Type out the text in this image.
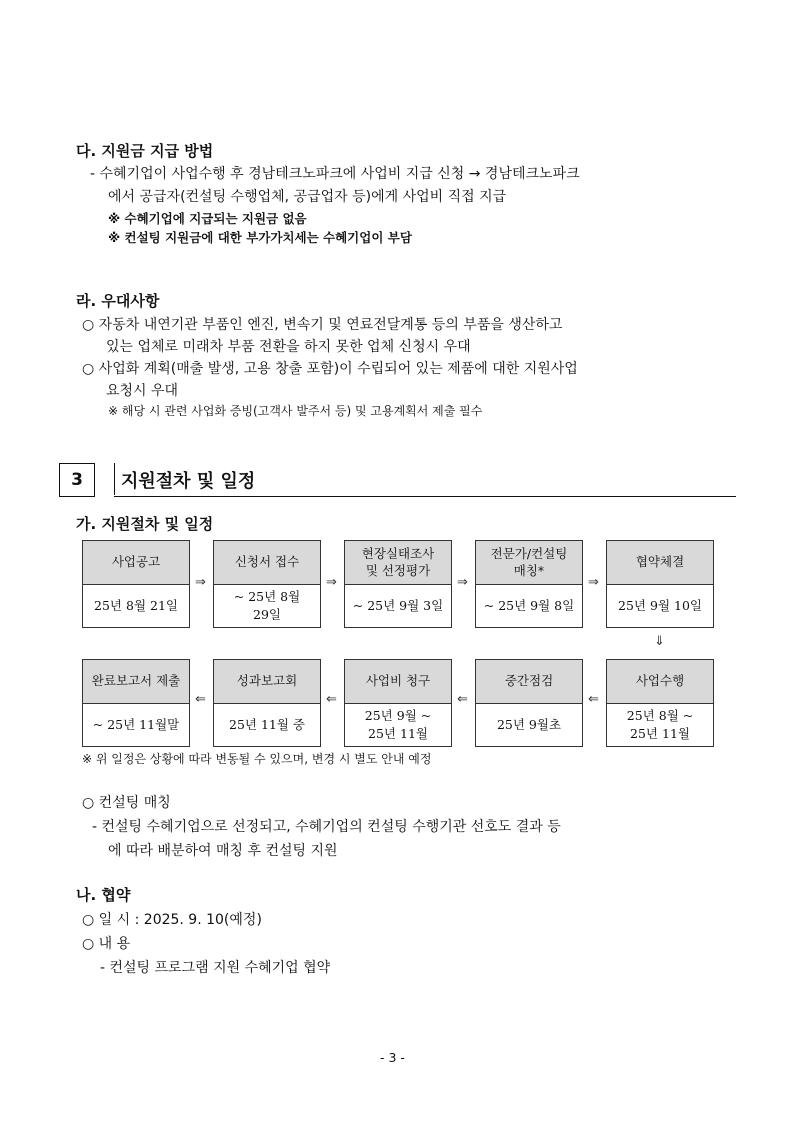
다. 지원금 지급 방법
- 수혜기업이 사업수행 후 경남테크노파크에 사업비 지급 신청 → 경남테크노파크
에서 공급자(컨설팅 수행업체, 공급업자 등)에게 사업비 직접 지급
※ 수혜기업에 지급되는 지원금 없음
※ 컨설팅 지원금에 대한 부가가치세는 수혜기업이 부담
라. 우대사항
○ 자동차 내연기관 부품인 엔진, 변속기 및 연료전달계통 등의 부품을 생산하고
있는 업체로 미래차 부품 전환을 하지 못한 업체 신청시 우대
○ 사업화 계획(매출 발생, 고용 창출 포함)이 수립되어 있는 제품에 대한 지원사업
요청시 우대
※ 해당 시 관련 사업화 증빙(고객사 발주서 등) 및 고용계획서 제출 필수
3	지원절차 및 일정
가. 지원절차 및 일정
사업공고
25년 8월 21일
⇒
신청서 접수
~ 25년 8월
29일
⇒
현장실태조사
및 선정평가
~ 25년 9월 3일
⇒
전문가/컨설팅
매칭*
~ 25년 9월 8일
⇒
협약체결
25년 9월 10일
⇓
완료보고서 제출
~ 25년 11월말
⇐
성과보고회
25년 11월 중
⇐
사업비 청구
25년 9월 ~
25년 11월
⇐
중간점검
25년 9월초
⇐
사업수행
25년 8월 ~
25년 11월
※ 위 일정은 상황에 따라 변동될 수 있으며, 변경 시 별도 안내 예정
○ 컨설팅 매칭
- 컨설팅 수혜기업으로 선정되고, 수혜기업의 컨설팅 수행기관 선호도 결과 등
에 따라 배분하여 매칭 후 컨설팅 지원
나. 협약
○ 일 시 : 2025. 9. 10(예정)
○ 내 용
- 컨설팅 프로그램 지원 수혜기업 협약
- 3 -
